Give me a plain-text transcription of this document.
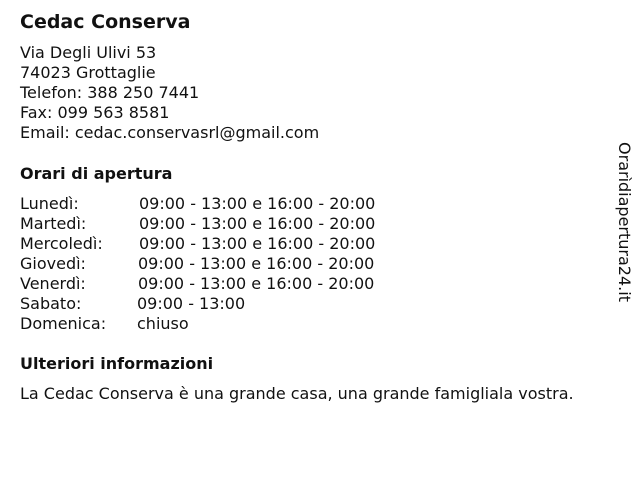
Cedac Conserva
Via Degli Ulivi 53
74023 Grottaglie
Telefon: 388 250 7441
Fax: 099 563 8581
Email: cedac.conservasrl@gmail.com
Orari di apertura
Lunedì:	09:00 - 13:00 e 16:00 - 20:00
Martedì:	09:00 - 13:00 e 16:00 - 20:00
Mercoledì: 09:00 - 13:00 e 16:00 - 20:00
Giovedì:	09:00 - 13:00 e 16:00 - 20:00
Venerdì:	09:00 - 13:00 e 16:00 - 20:00
Sabato:	09:00 - 13:00
Domenica: chiuso
Ulteriori informazioni
La Cedac Conserva è una grande casa, una grande famigliala vostra.
Orarìdiapertura24.it
